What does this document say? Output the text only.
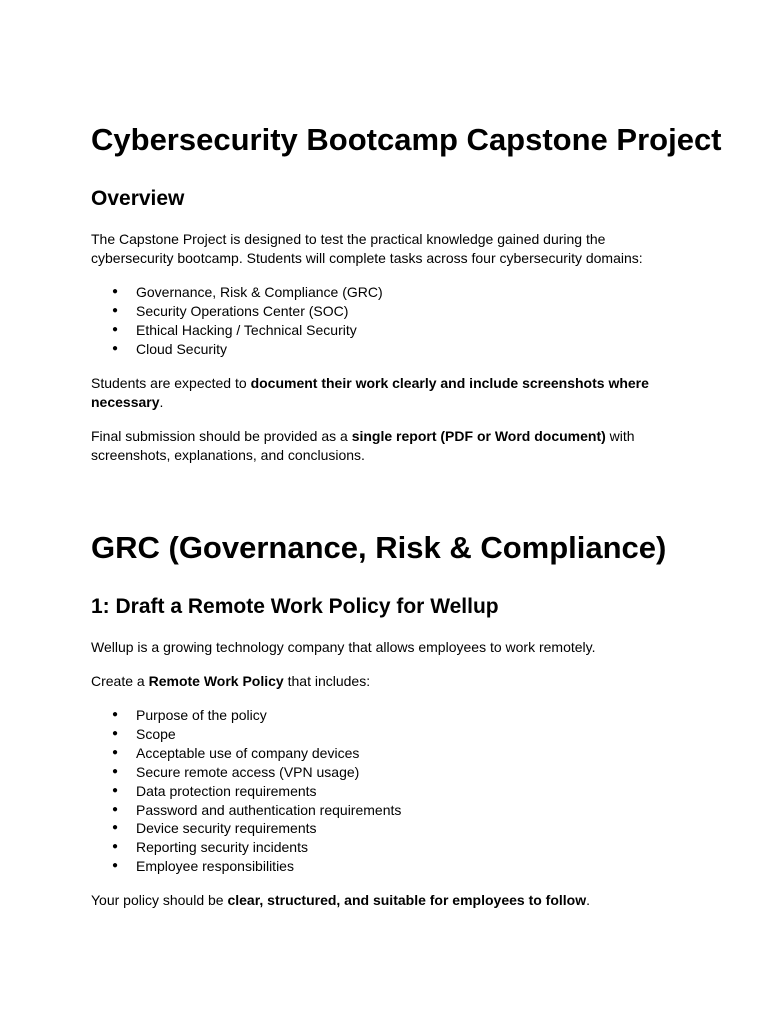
Cybersecurity Bootcamp Capstone Project
Overview

The Capstone Project is designed to test the practical knowledge gained during the
cybersecurity bootcamp. Students will complete tasks across four cybersecurity domains:

● Governance, Risk & Compliance (GRC)
● Security Operations Center (SOC)
● Ethical Hacking / Technical Security
● Cloud Security

Students are expected to document their work clearly and include screenshots where
necessary.

Final submission should be provided as a single report (PDF or Word document) with
screenshots, explanations, and conclusions.

GRC (Governance, Risk & Compliance)
1: Draft a Remote Work Policy for Wellup

Wellup is a growing technology company that allows employees to work remotely.

Create a Remote Work Policy that includes:

● Purpose of the policy
● Scope
● Acceptable use of company devices
● Secure remote access (VPN usage)
● Data protection requirements
● Password and authentication requirements
● Device security requirements
● Reporting security incidents
● Employee responsibilities

Your policy should be clear, structured, and suitable for employees to follow.
